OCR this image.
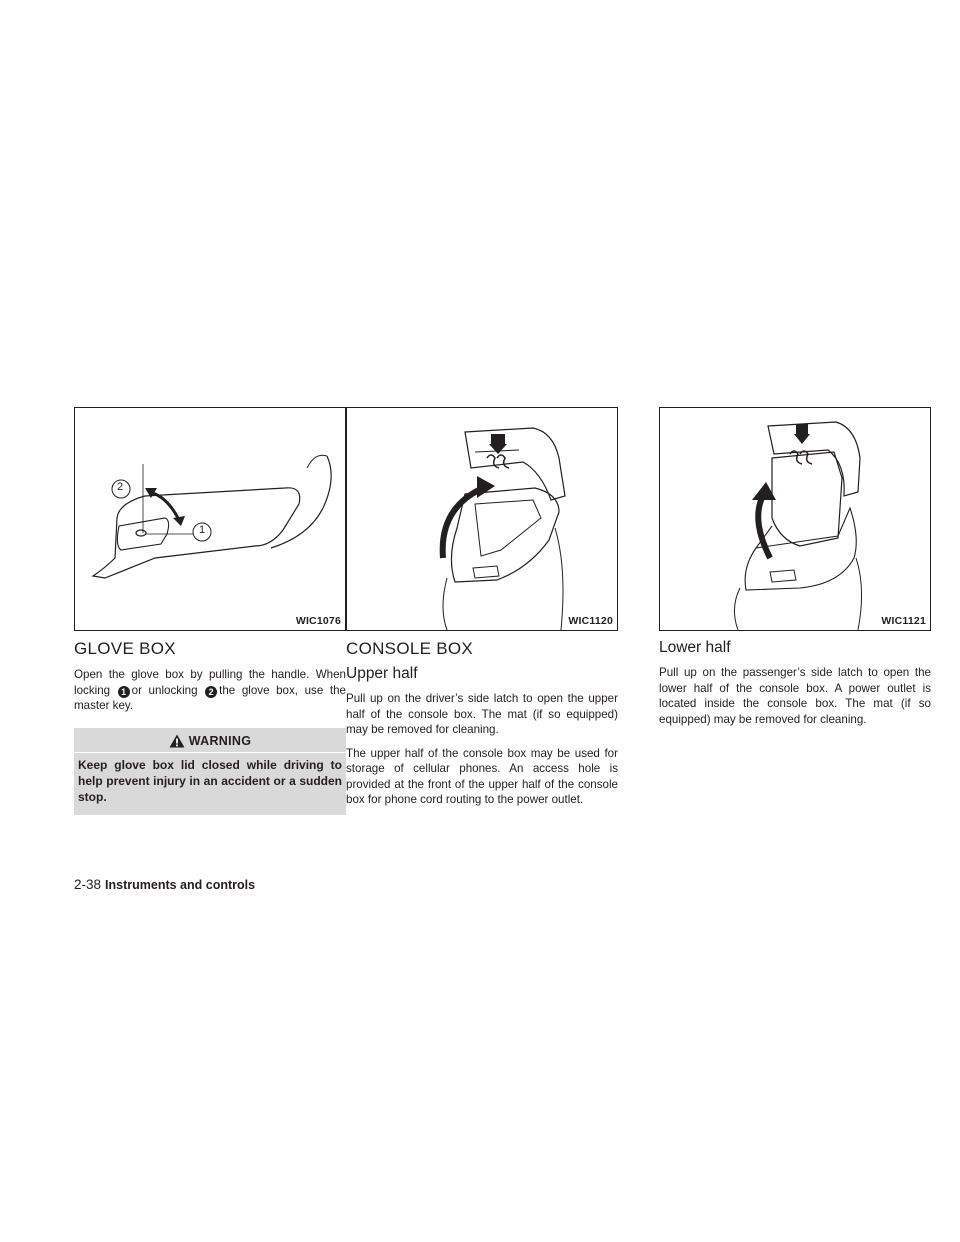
2
1
WIC1076
GLOVE BOX

Open the glove box by pulling the handle. When locking 1 or unlocking 2 the glove box, use the master key.

WARNING
Keep glove box lid closed while driving to help prevent injury in an accident or a sudden stop.
WIC1120
CONSOLE BOX
Upper half

Pull up on the driver’s side latch to open the upper half of the console box. The mat (if so equipped) may be removed for cleaning.

The upper half of the console box may be used for storage of cellular phones. An access hole is provided at the front of the upper half of the console box for phone cord routing to the power outlet.

WIC1121
Lower half

Pull up on the passenger’s side latch to open the lower half of the console box. A power outlet is located inside the console box. The mat (if so equipped) may be removed for cleaning.

2-38 Instruments and controls
